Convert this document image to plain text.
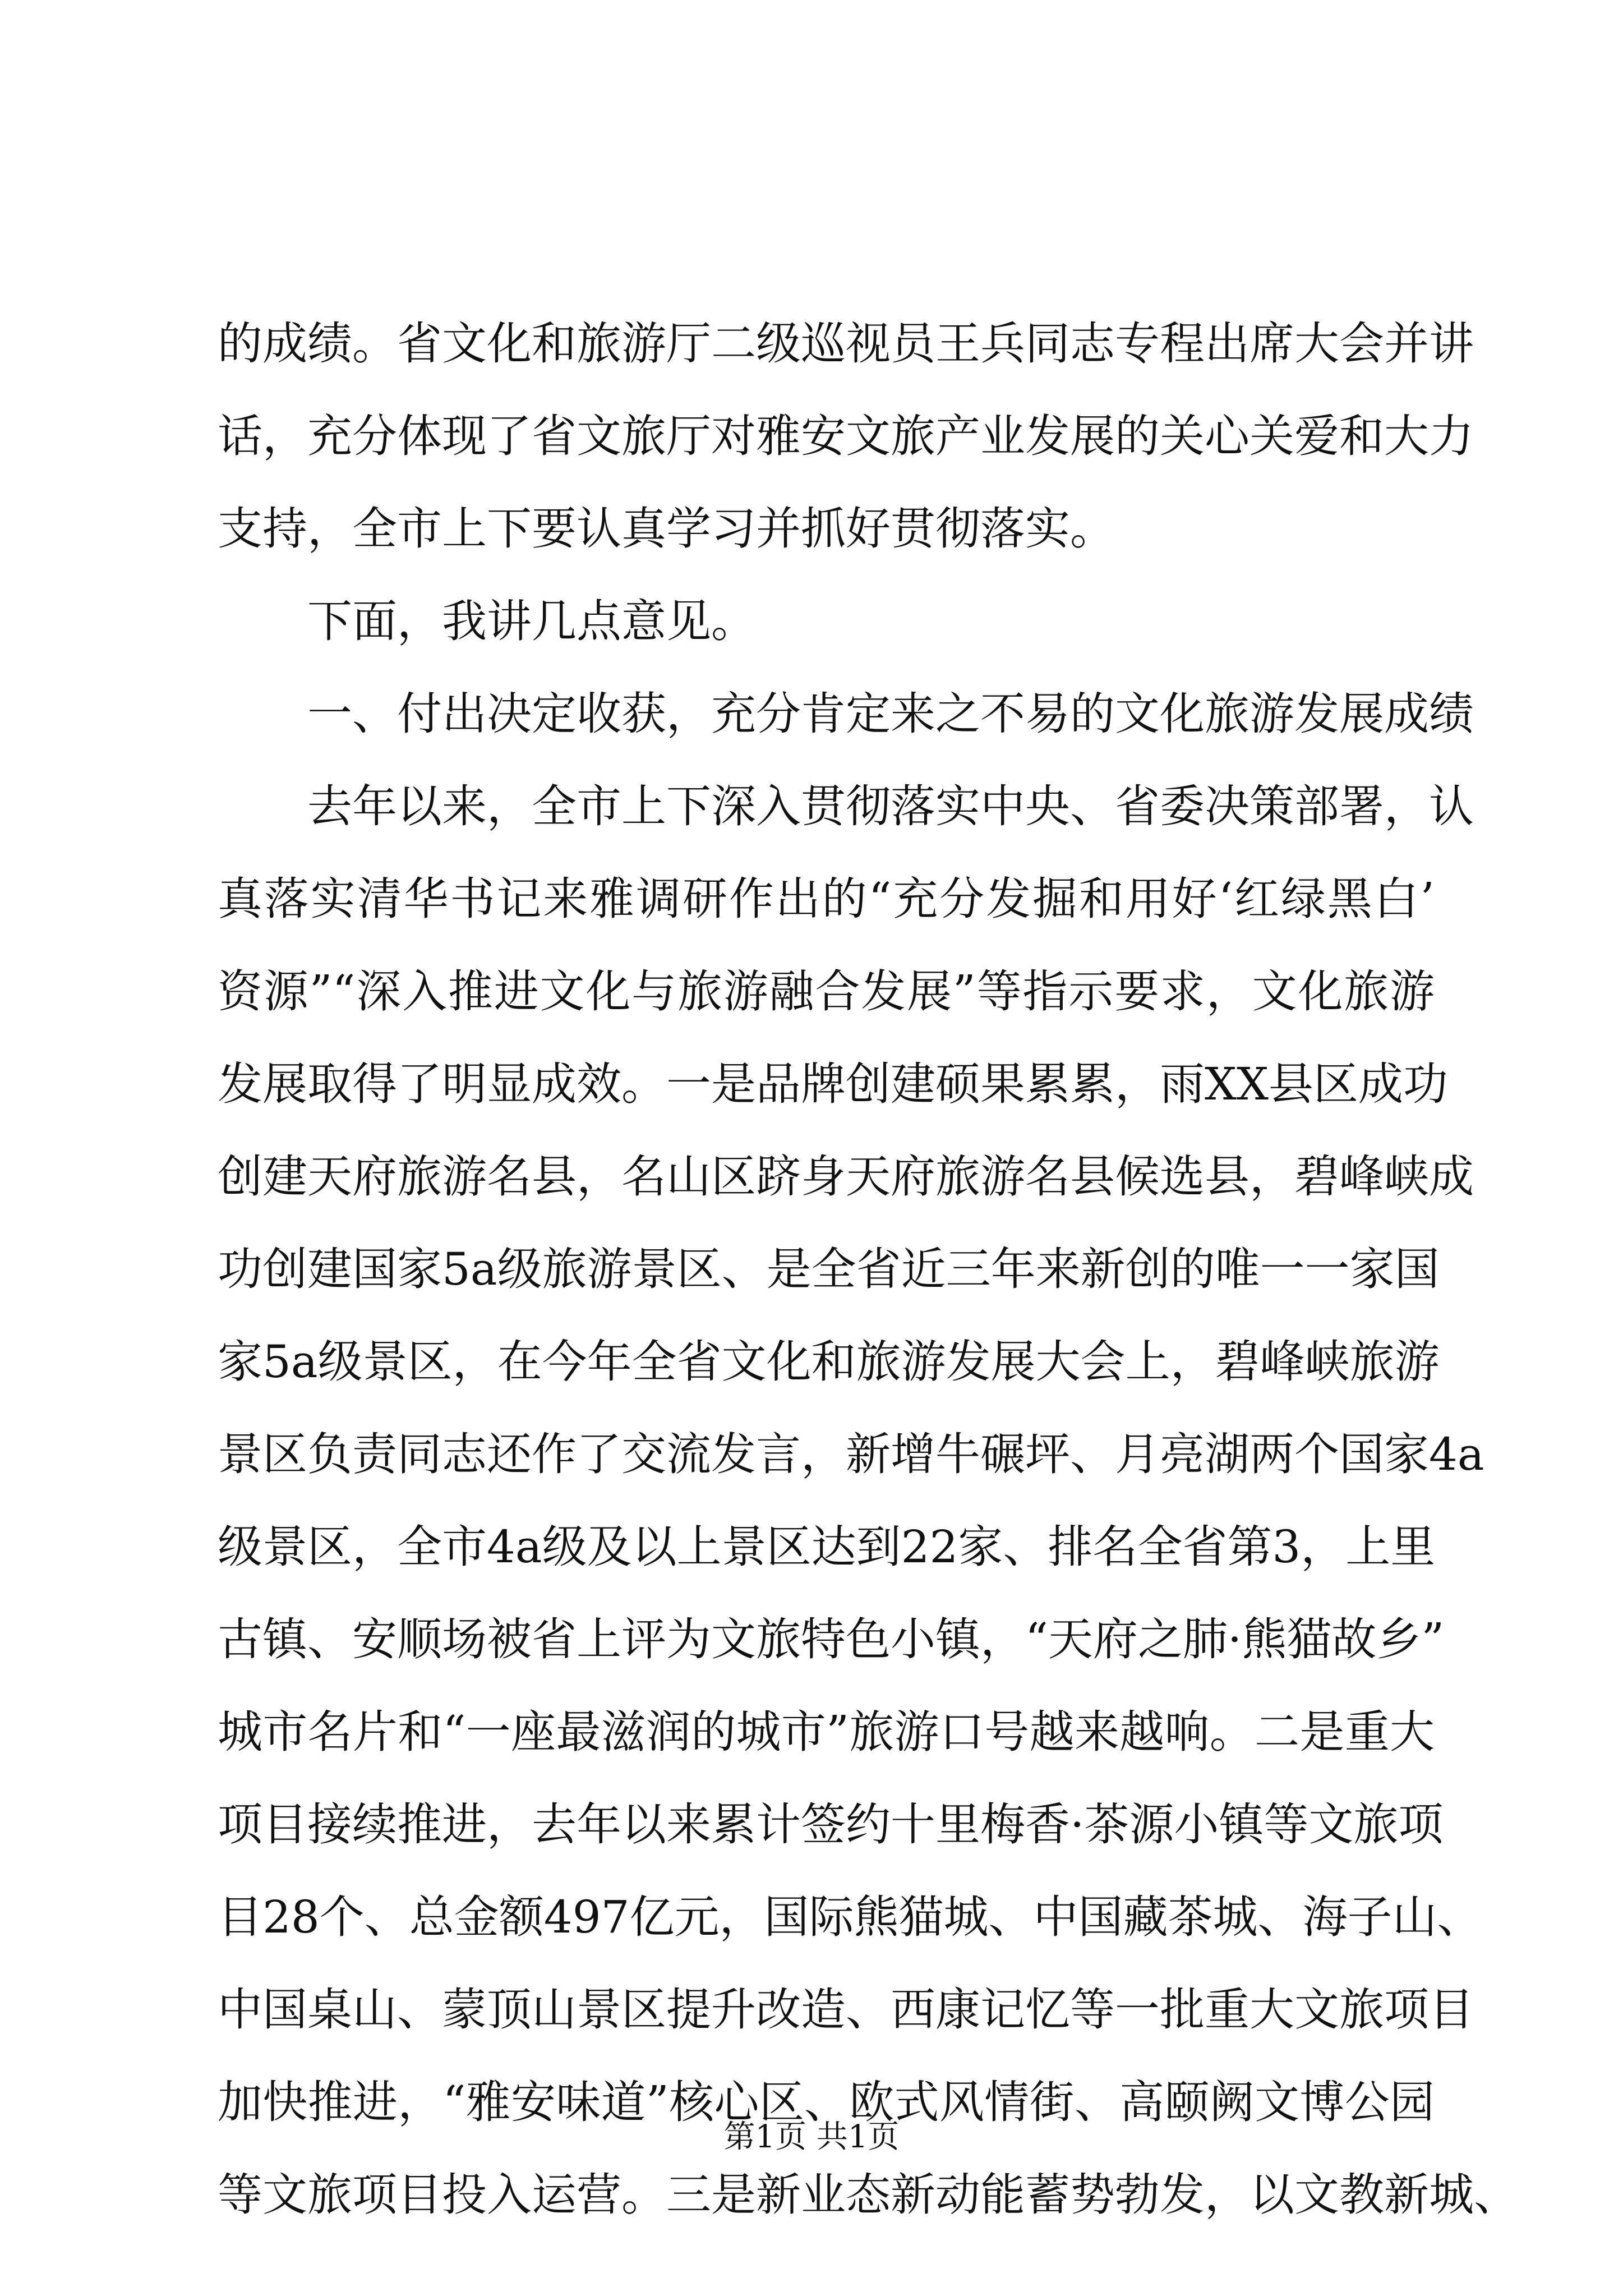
的成绩。省文化和旅游厅二级巡视员王兵同志专程出席大会并讲
话，充分体现了省文旅厅对雅安文旅产业发展的关心关爱和大力
支持，全市上下要认真学习并抓好贯彻落实。
下面，我讲几点意见。
一、付出决定收获，充分肯定来之不易的文化旅游发展成绩
去年以来，全市上下深入贯彻落实中央、省委决策部署，认
真落实清华书记来雅调研作出的“充分发掘和用好‘红绿黑白’
资源”“深入推进文化与旅游融合发展”等指示要求，文化旅游
发展取得了明显成效。一是品牌创建硕果累累，雨XX县区成功
创建天府旅游名县，名山区跻身天府旅游名县候选县，碧峰峡成
功创建国家5a级旅游景区、是全省近三年来新创的唯一一家国
家5a级景区，在今年全省文化和旅游发展大会上，碧峰峡旅游
景区负责同志还作了交流发言，新增牛碾坪、月亮湖两个国家4a
级景区，全市4a级及以上景区达到22家、排名全省第3，上里
古镇、安顺场被省上评为文旅特色小镇，“天府之肺·熊猫故乡”
城市名片和“一座最滋润的城市”旅游口号越来越响。二是重大
项目接续推进，去年以来累计签约十里梅香·茶源小镇等文旅项
目28个、总金额497亿元，国际熊猫城、中国藏茶城、海子山、
中国桌山、蒙顶山景区提升改造、西康记忆等一批重大文旅项目
加快推进，“雅安味道”核心区、欧式风情街、高颐阙文博公园
等文旅项目投入运营。三是新业态新动能蓄势勃发，以文教新城、
第1页 共1页
